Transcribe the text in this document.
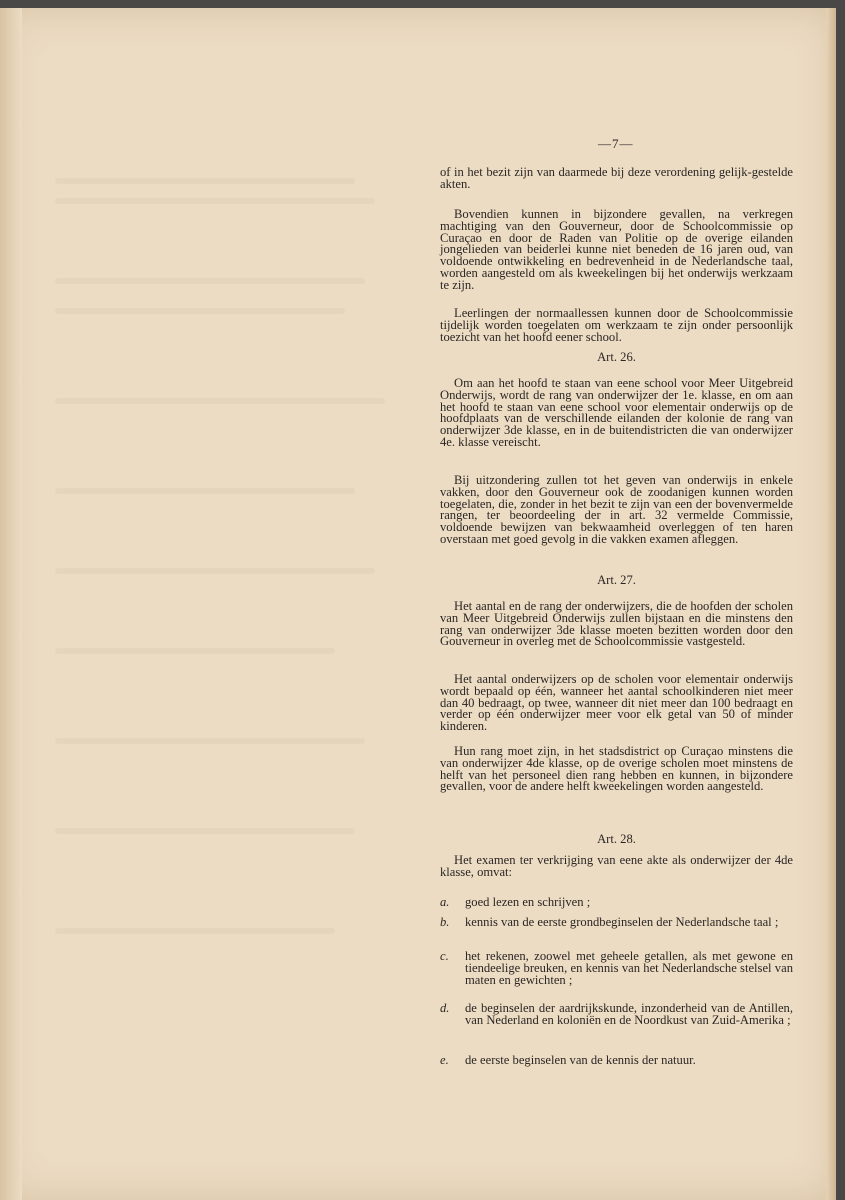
—7—

of in het bezit zijn van daarmede bij deze verordening gelijk-gestelde akten.

Bovendien kunnen in bijzondere gevallen, na verkregen machtiging van den Gouverneur, door de Schoolcommissie op Curaçao en door de Raden van Politie op de overige eilanden jongelieden van beiderlei kunne niet beneden de 16 jaren oud, van voldoende ontwikkeling en bedrevenheid in de Nederlandsche taal, worden aangesteld om als kweekelingen bij het onderwijs werkzaam te zijn.

Leerlingen der normaallessen kunnen door de Schoolcommissie tijdelijk worden toegelaten om werkzaam te zijn onder persoonlijk toezicht van het hoofd eener school.

Art. 26.

Om aan het hoofd te staan van eene school voor Meer Uitgebreid Onderwijs, wordt de rang van onderwijzer der 1e. klasse, en om aan het hoofd te staan van eene school voor elementair onderwijs op de hoofdplaats van de verschillende eilanden der kolonie de rang van onderwijzer 3de klasse, en in de buitendistricten die van onderwijzer 4e. klasse vereischt.

Bij uitzondering zullen tot het geven van onderwijs in enkele vakken, door den Gouverneur ook de zoodanigen kunnen worden toegelaten, die, zonder in het bezit te zijn van een der bovenvermelde rangen, ter beoordeeling der in art. 32 vermelde Commissie, voldoende bewijzen van bekwaamheid overleggen of ten haren overstaan met goed gevolg in die vakken examen afleggen.

Art. 27.

Het aantal en de rang der onderwijzers, die de hoofden der scholen van Meer Uitgebreid Onderwijs zullen bijstaan en die minstens den rang van onderwijzer 3de klasse moeten bezitten worden door den Gouverneur in overleg met de Schoolcommissie vastgesteld.

Het aantal onderwijzers op de scholen voor elementair onderwijs wordt bepaald op één, wanneer het aantal schoolkinderen niet meer dan 40 bedraagt, op twee, wanneer dit niet meer dan 100 bedraagt en verder op één onderwijzer meer voor elk getal van 50 of minder kinderen.

Hun rang moet zijn, in het stadsdistrict op Curaçao minstens die van onderwijzer 4de klasse, op de overige scholen moet minstens de helft van het personeel dien rang hebben en kunnen, in bijzondere gevallen, voor de andere helft kweekelingen worden aangesteld.

Art. 28.

Het examen ter verkrijging van eene akte als onderwijzer der 4de klasse, omvat:

a. goed lezen en schrijven ;
b. kennis van de eerste grondbeginselen der Nederlandsche taal ;
c. het rekenen, zoowel met geheele getallen, als met gewone en tiendeelige breuken, en kennis van het Nederlandsche stelsel van maten en gewichten ;
d. de beginselen der aardrijkskunde, inzonderheid van de Antillen, van Nederland en koloniën en de Noordkust van Zuid-Amerika ;
e. de eerste beginselen van de kennis der natuur.
